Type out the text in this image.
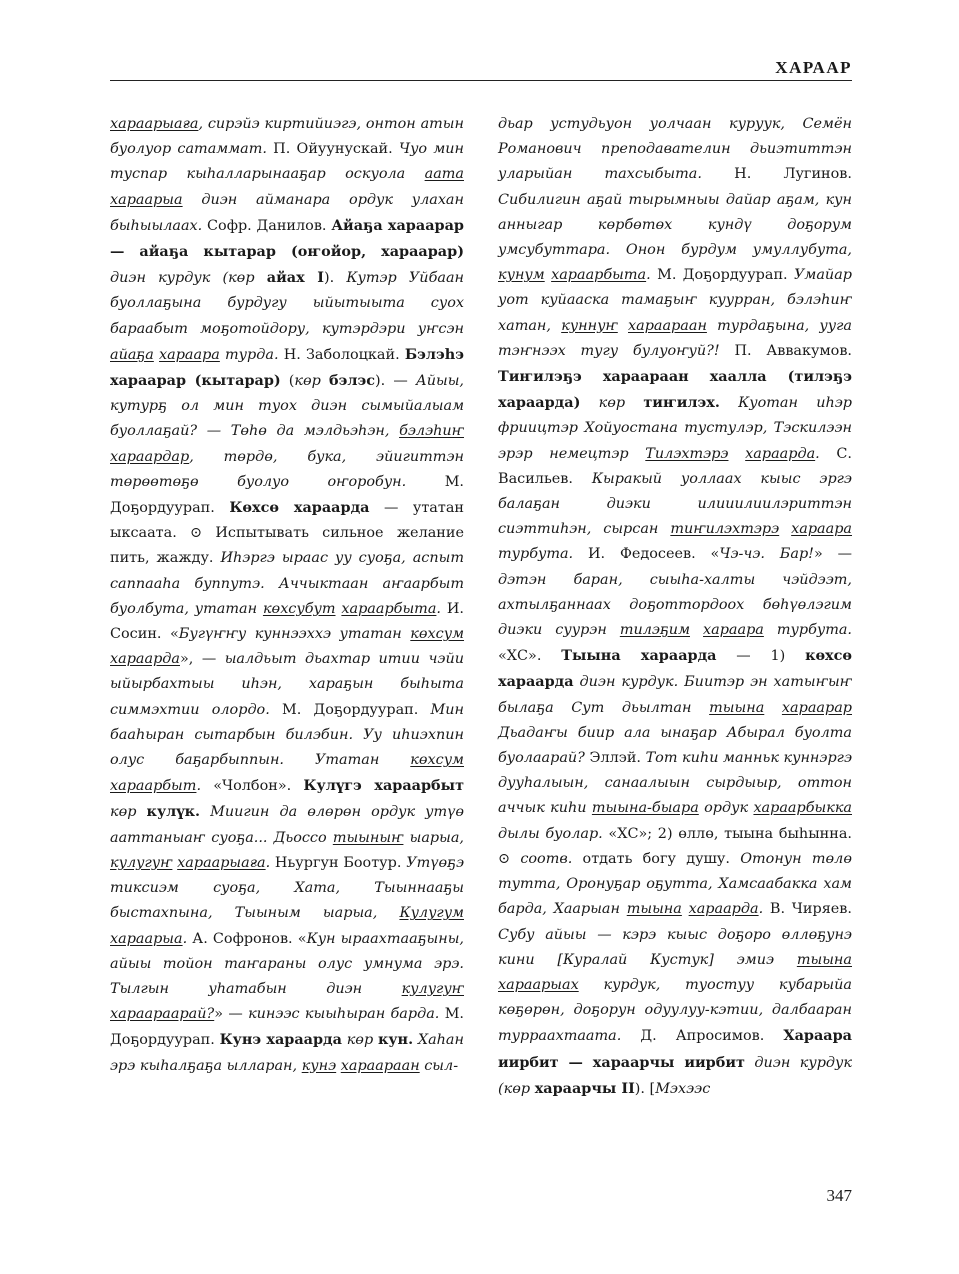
ХАРААР

хараарыаға, сирэйэ киртийиэгэ, онтон атын буолуор сатаммат. П. Ойуунускай. Чуо мин туспар кыһалларынааҕар оскуола аата хараарыа диэн айманара ордук улахан быһыылаах. Софр. Данилов. Айаҕа хараарар — айаҕа кытарар (оҥойор, хараарар) диэн курдук (көр айах I). Кутэр Уйбаан буоллаҕына бурдугу ыйытыыта суох бараабыт моҕотойдору, кутэрдэри уҥсэн айаҕа хараара турда. Н. Заболоцкай. Бэлэһэ хараарар (кытарар) (көр бэлэс). — Айыы, кутурҕ ол мин туох диэн сымыйалыам буоллаҕай? — Төһө да мэлдьэһэн, бэлэһиҥ хараардар, төрдө, бука, эйигиттэн төрөөтөҕө буолуо оҥоробун. М. Доҕордуурап. Көхсө хараарда — утатан ыксаата. ⊙ Испытывать сильное желание пить, жажду. Иһэргэ ыраас уу суоҕа, аспыт саппааһа буппутэ. Аччыктаан аҥаарбыт буолбута, утатан көхсубут хараарбыта. И. Сосин. «Бугүҥҥу куннээххэ утатан көхсум хараарда», — ыалдьыт дьахтар итии чэйи ыйырбахтыы иһэн, хараҕын быһыта симмэхтии олордо. М. Доҕордуурап. Мин бааһыран сытарбын билэбин. Уу иһиэхпин олус баҕарбыппын. Утатан көхсум хараарбыт. «Чолбон». Кулүгэ хараарбыт көр кулүк. Миигин да өлөрөн ордук утүө ааттаныаҥ суоҕа... Дьоссо тыыныҥ ыарыа, кулугуҥ хараарыаға. Ньургун Боотур. Утүөҕэ тиксиэм суоҕа, Хата, Тыыннааҕы быстахпына, Тыыным ыарыа, Кулугум хараарыа. А. Софронов. «Кун ыраахтааҕыны, айыы тойон таҥараны олус умнума эрэ. Тылгын уһатабын диэн кулугуҥ хараараарай?» — кинээс кыыһыран барда. М. Доҕордуурап. Кунэ хараарда көр кун. Хаһан эрэ кыһалҕаҕа ылларан, кунэ хараараан сыл-

дьар устудьуон уолчаан куруук, Семён Романович преподавателин дьиэтиттэн уларыйан тахсыбыта. Н. Лугинов. Сибилигин аҕай тырымныы дайар аҕам, кун анныгар көрбөтөх кундү доҕорум умсубуттара. Онон бурдум умуллубута, кунум хараарбыта. М. Доҕордуурап. Умайар уот куйааска тамаҕыҥ куурран, бэлэһиҥ хатан, куннуҥ хараараан турдаҕына, ууга тэҥнээх тугу булуоҥуй?! П. Аввакумов. Тиҥилэҕэ хараараан хаалла (тилэҕэ хараарда) көр тиҥилэх. Куотан иһэр фриицтэр Хойуостана тустулэр, Тэскилээн эрэр немецтэр Тилэхтэрэ хараарда. С. Васильев. Кыракый уоллаах кыыс эргэ балаҕан диэки илииилиилэриттэн сиэттиһэн, сырсан тиҥилэхтэрэ хараара турбута. И. Федосеев. «Чэ-чэ. Бар!» — дэтэн баран, сыыһа-халты чэйдээт, ахтылҕаннаах доҕоттордоох бөһүөлэгим диэки суурэн тилэҕим хараара турбута. «ХС». Тыына хараарда — 1) көхсө хараарда диэн курдук. Биитэр эн хатыҥыҥ былаҕа Сут дьылтан тыына хараарар Дьадаҥы биир ала ынаҕар Абырал буолта буолаарай? Эллэй. Тот киһи манньк куннэргэ дууһалыын, санаалыын сырдыыр, оттон аччык киһи тыына-быара ордук хараарбыкка дылы буолар. «ХС»; 2) өллө, тыына быһынна. ⊙ соотв. отдать богу душу. Отонун төлө тутта, Оронуҕар оҕутта, Хамсаабакка хам барда, Хаарыан тыына хараарда. В. Чиряев. Субу айыы — кэрэ кыыс доҕоро өллөҕунэ кини [Куралай Кустук] эмиэ тыына хараарыах курдук, туостуу кубарыйа көҕөрөн, доҕорун одуулуу-кэтии, далбааран турраахтаата. Д. Апросимов. Хараара иирбит — хараарчы иирбит диэн курдук (көр хараарчы II). [Мэхээс

347
